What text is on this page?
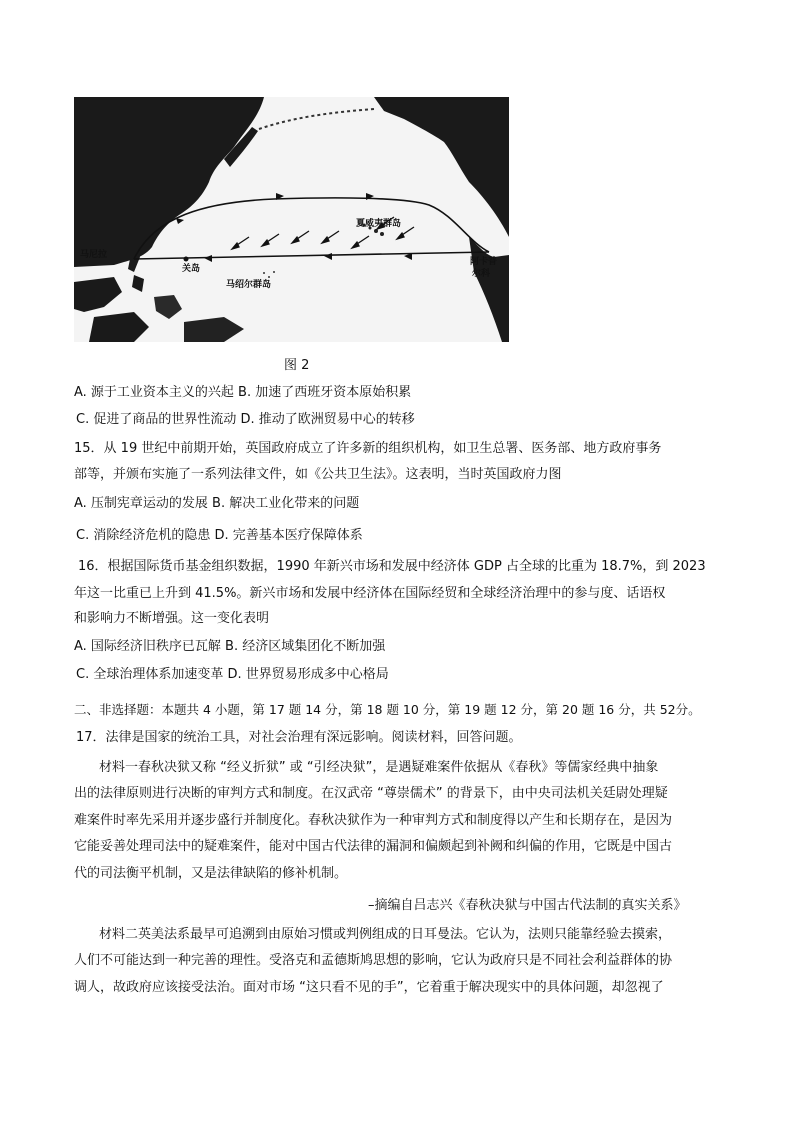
马尼拉
关岛
夏威夷群岛
马绍尔群岛
阿卡普
尔科
图 2
A. 源于工业资本主义的兴起 B. 加速了西班牙资本原始积累
C. 促进了商品的世界性流动 D. 推动了欧洲贸易中心的转移
15．从 19 世纪中前期开始，英国政府成立了许多新的组织机构，如卫生总署、医务部、地方政府事务
部等，并颁布实施了一系列法律文件，如《公共卫生法》。这表明，当时英国政府力图
A. 压制宪章运动的发展 B. 解决工业化带来的问题
C. 消除经济危机的隐患 D. 完善基本医疗保障体系
16．根据国际货币基金组织数据，1990 年新兴市场和发展中经济体 GDP 占全球的比重为 18.7%，到 2023
年这一比重已上升到 41.5%。新兴市场和发展中经济体在国际经贸和全球经济治理中的参与度、话语权
和影响力不断增强。这一变化表明
A. 国际经济旧秩序已瓦解 B. 经济区域集团化不断加强
C. 全球治理体系加速变革 D. 世界贸易形成多中心格局
二、非选择题：本题共 4 小题，第 17 题 14 分，第 18 题 10 分，第 19 题 12 分，第 20 题 16 分，共 52分。
17．法律是国家的统治工具，对社会治理有深远影响。阅读材料，回答问题。
材料一春秋决狱又称 “经义折狱” 或 “引经决狱”，是遇疑难案件依据从《春秋》等儒家经典中抽象
出的法律原则进行决断的审判方式和制度。在汉武帝 “尊崇儒术” 的背景下，由中央司法机关廷尉处理疑
难案件时率先采用并逐步盛行并制度化。春秋决狱作为一种审判方式和制度得以产生和长期存在，是因为
它能妥善处理司法中的疑难案件，能对中国古代法律的漏洞和偏颇起到补阙和纠偏的作用，它既是中国古
代的司法衡平机制，又是法律缺陷的修补机制。
–摘编自吕志兴《春秋决狱与中国古代法制的真实关系》
材料二英美法系最早可追溯到由原始习惯或判例组成的日耳曼法。它认为，法则只能靠经验去摸索，
人们不可能达到一种完善的理性。受洛克和孟德斯鸠思想的影响，它认为政府只是不同社会利益群体的协
调人，故政府应该接受法治。面对市场 “这只看不见的手”，它着重于解决现实中的具体问题，却忽视了
